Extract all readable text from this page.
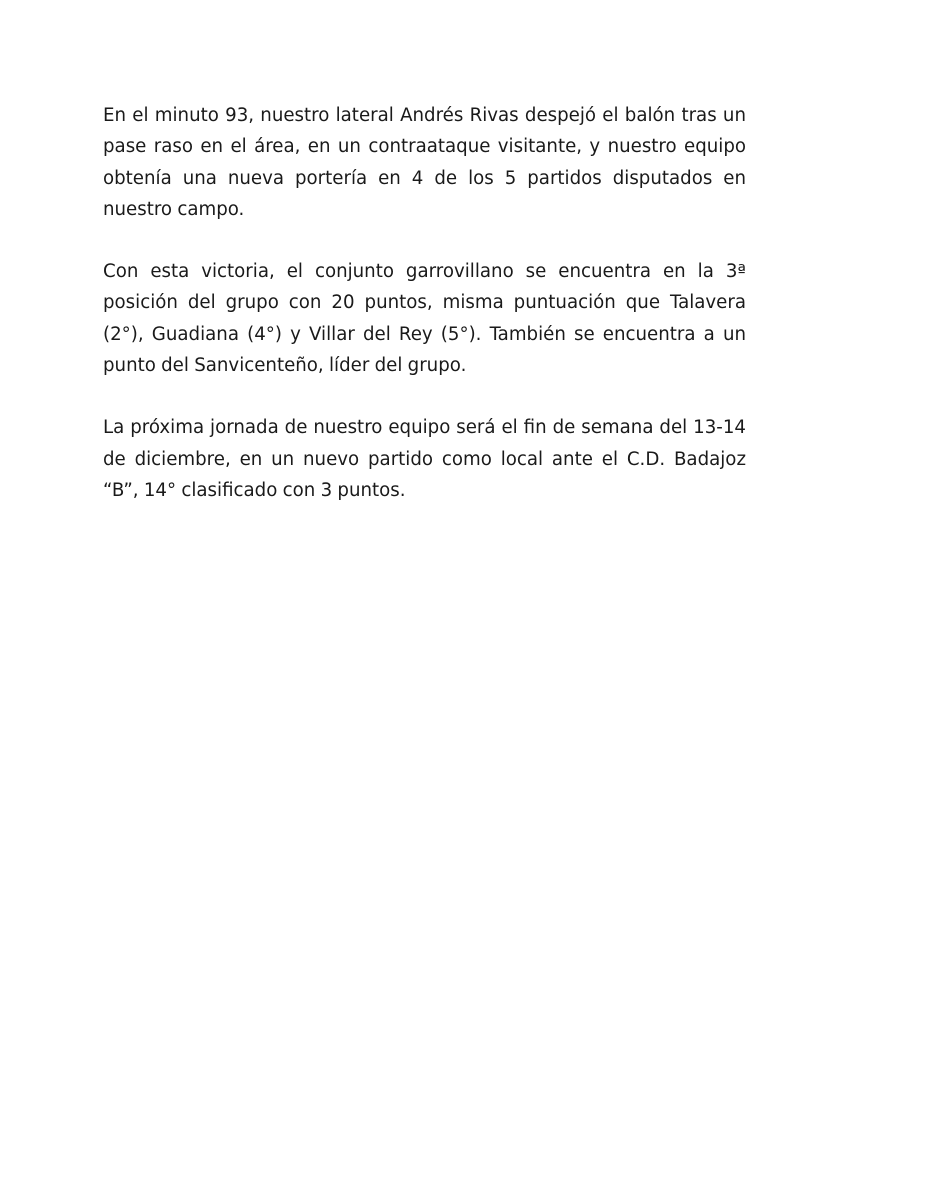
En el minuto 93, nuestro lateral Andrés Rivas despejó el balón tras un pase raso en el área, en un contraataque visitante, y nuestro equipo obtenía una nueva portería en 4 de los 5 partidos disputados en nuestro campo.

Con esta victoria, el conjunto garrovillano se encuentra en la 3ª posición del grupo con 20 puntos, misma puntuación que Talavera (2°), Guadiana (4°) y Villar del Rey (5°). También se encuentra a un punto del Sanvicenteño, líder del grupo.

La próxima jornada de nuestro equipo será el fin de semana del 13-14 de diciembre, en un nuevo partido como local ante el C.D. Badajoz “B”, 14° clasificado con 3 puntos.
